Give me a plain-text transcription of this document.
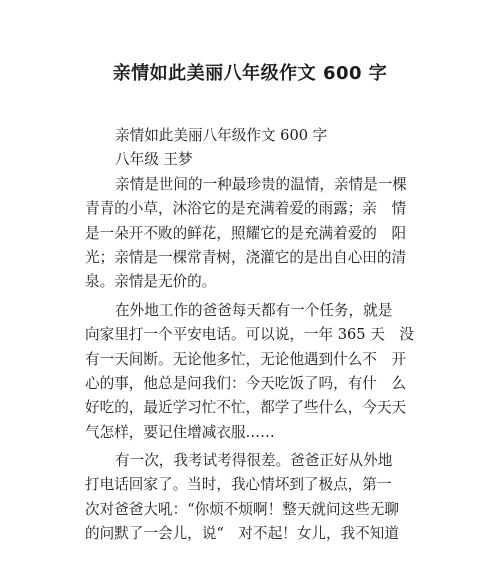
亲情如此美丽八年级作文 600 字
亲情如此美丽八年级作文 600 字
八年级 王梦
亲情是世间的一种最珍贵的温情，亲情是一棵
青青的小草，沐浴它的是充满着爱的雨露；亲　情
是一朵开不败的鲜花，照耀它的是充满着爱的　阳
光；亲情是一棵常青树，浇灌它的是出自心田的清
泉。亲情是无价的。
在外地工作的爸爸每天都有一个任务，就是
向家里打一个平安电话。可以说，一年 365 天　没
有一天间断。无论他多忙，无论他遇到什么不　开
心的事，他总是问我们：今天吃饭了吗，有什　么
好吃的，最近学习忙不忙，都学了些什么，今天天
气怎样，要记住增减衣服……
有一次，我考试考得很差。爸爸正好从外地
打电话回家了。当时，我心情坏到了极点，第一
次对爸爸大吼：“你烦不烦啊！整天就问这些无聊
的问默了一会儿，说“　对不起！女儿，我不知道
